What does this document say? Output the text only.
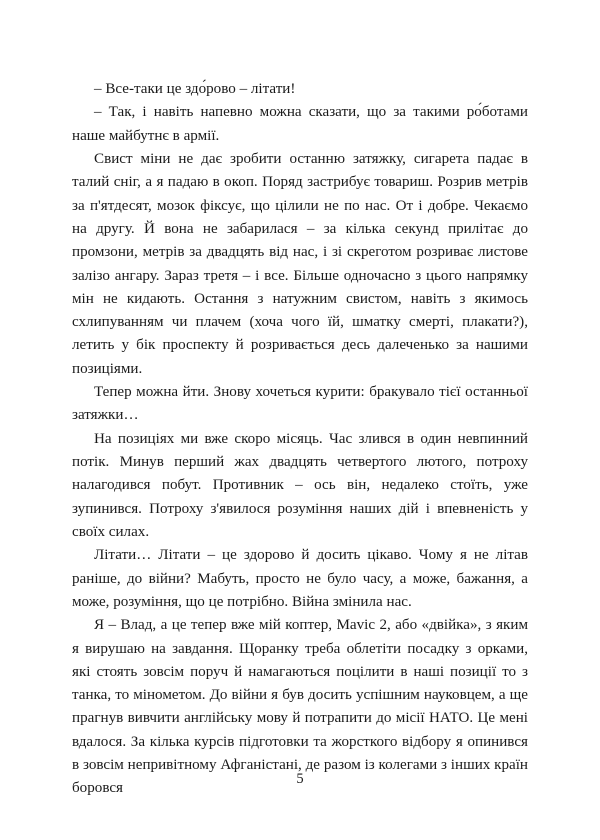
– Все-таки це здо́рово – літати!

– Так, і навіть напевно можна сказати, що за такими ро́ботами наше майбутнє в армії.

Свист міни не дає зробити останню затяжку, сигарета падає в талий сніг, а я падаю в окоп. Поряд застрибує товариш. Розрив метрів за п'ятдесят, мозок фіксує, що цілили не по нас. От і добре. Чекаємо на другу. Й вона не забарилася – за кілька секунд прилітає до промзони, метрів за двадцять від нас, і зі скреготом розриває листове залізо ангару. Зараз третя – і все. Більше одночасно з цього напрямку мін не кидають. Остання з натужним свистом, навіть з якимось схлипуванням чи плачем (хоча чого їй, шматку смерті, плакати?), летить у бік проспекту й розривається десь далеченько за нашими позиціями.

Тепер можна йти. Знову хочеться курити: бракувало тієї останньої затяжки…

На позиціях ми вже скоро місяць. Час злився в один невпинний потік. Минув перший жах двадцять четвертого лютого, потроху налагодився побут. Противник – ось він, недалеко стоїть, уже зупинився. Потроху з'явилося розуміння наших дій і впевненість у своїх силах.

Літати… Літати – це здорово й досить цікаво. Чому я не літав раніше, до війни? Мабуть, просто не було часу, а може, бажання, а може, розуміння, що це потрібно. Війна змінила нас.

Я – Влад, а це тепер вже мій коптер, Mavic 2, або «двійка», з яким я вирушаю на завдання. Щоранку треба облетіти посадку з орками, які стоять зовсім поруч й намагаються поцілити в наші позиції то з танка, то мінометом. До війни я був досить успішним науковцем, а ще прагнув вивчити англійську мову й потрапити до місії НАТО. Це мені вдалося. За кілька курсів підготовки та жорсткого відбору я опинився в зовсім непривітному Афганістані, де разом із колегами з інших країн боровся

5
